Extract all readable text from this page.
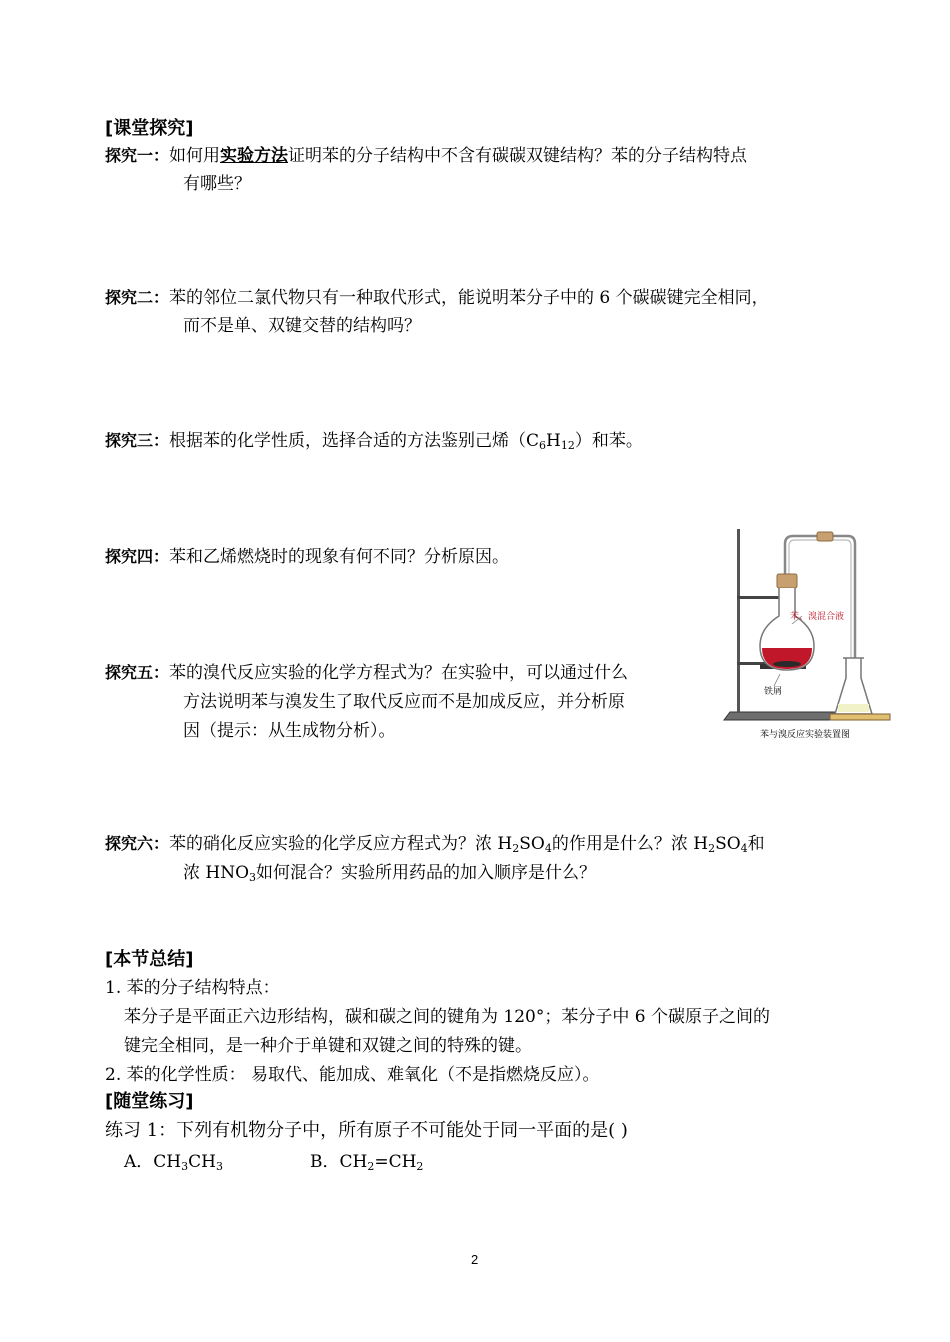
[课堂探究]
探究一：如何用实验方法证明苯的分子结构中不含有碳碳双键结构？苯的分子结构特点
有哪些？
探究二：苯的邻位二氯代物只有一种取代形式，能说明苯分子中的 6 个碳碳键完全相同，
而不是单、双键交替的结构吗？
探究三：根据苯的化学性质，选择合适的方法鉴别己烯$(C_6H_{12})$和苯。
探究四：苯和乙烯燃烧时的现象有何不同？分析原因。
探究五：苯的溴代反应实验的化学方程式为？在实验中，可以通过什么
方法说明苯与溴发生了取代反应而不是加成反应，并分析原
因（提示：从生成物分析）。
苯、溴混合液
铁屑
苯与溴反应实验装置图
探究六：苯的硝化反应实验的化学反应方程式为？浓 $H_2SO_4$的作用是什么？浓 $H_2SO_4$和
浓 $HNO_3$如何混合？实验所用药品的加入顺序是什么？
[本节总结]
1. 苯的分子结构特点：
苯分子是平面正六边形结构，碳和碳之间的键角为 120°；苯分子中 6 个碳原子之间的
键完全相同，是一种介于单键和双键之间的特殊的键。
2. 苯的化学性质： 易取代、能加成、难氧化（不是指燃烧反应）。
[随堂练习]
练习 1：下列有机物分子中，所有原子不可能处于同一平面的是( )
A．$CH_3CH_3$	B．$CH_2=CH_2$
2
